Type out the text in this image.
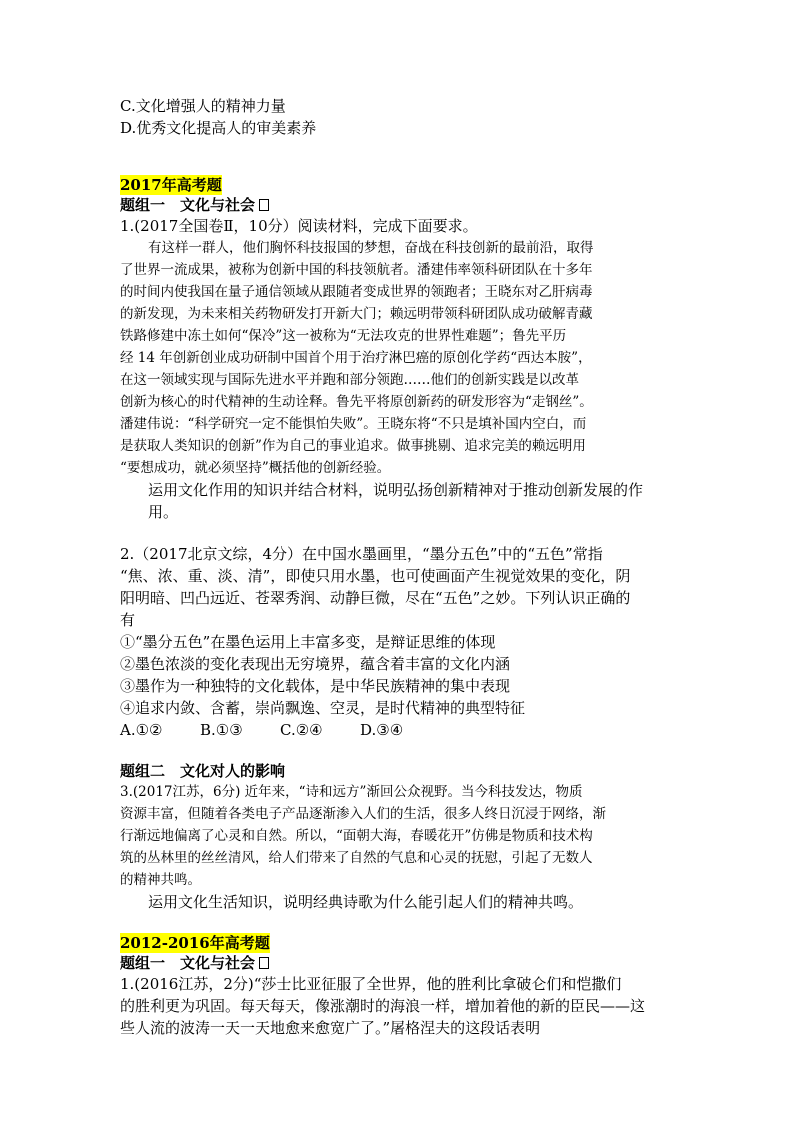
C.文化增强人的精神力量
D.优秀文化提高人的审美素养
2017年高考题
题组一　文化与社会
1.(2017全国卷Ⅱ，10分）阅读材料，完成下面要求。
有这样一群人，他们胸怀科技报国的梦想，奋战在科技创新的最前沿，取得
了世界一流成果，被称为创新中国的科技领航者。潘建伟率领科研团队在十多年
的时间内使我国在量子通信领域从跟随者变成世界的领跑者；王晓东对乙肝病毒
的新发现，为未来相关药物研发打开新大门；赖远明带领科研团队成功破解青藏
铁路修建中冻土如何“保冷”这一被称为“无法攻克的世界性难题”；鲁先平历
经 14 年创新创业成功研制中国首个用于治疗淋巴癌的原创化学药“西达本胺”，
在这一领域实现与国际先进水平并跑和部分领跑……他们的创新实践是以改革
创新为核心的时代精神的生动诠释。鲁先平将原创新药的研发形容为“走钢丝”。
潘建伟说：“科学研究一定不能惧怕失败”。王晓东将“不只是填补国内空白，而
是获取人类知识的创新”作为自己的事业追求。做事挑剔、追求完美的赖远明用
“要想成功，就必须坚持”概括他的创新经验。
运用文化作用的知识并结合材料，说明弘扬创新精神对于推动创新发展的作
用。
2.（2017北京文综，4分）在中国水墨画里，“墨分五色”中的“五色”常指
“焦、浓、重、淡、清”，即使只用水墨，也可使画面产生视觉效果的变化，阴
阳明暗、凹凸远近、苍翠秀润、动静巨微，尽在“五色”之妙。下列认识正确的
有
①“墨分五色”在墨色运用上丰富多变，是辩证思维的体现
②墨色浓淡的变化表现出无穷境界，蕴含着丰富的文化内涵
③墨作为一种独特的文化载体，是中华民族精神的集中表现
④追求内敛、含蓄，崇尚飘逸、空灵，是时代精神的典型特征
A.①②	B.①③ C.②④ D.③④
题组二　文化对人的影响
3.(2017江苏，6分) 近年来，“诗和远方”渐回公众视野。当今科技发达，物质
资源丰富，但随着各类电子产品逐渐渗入人们的生活，很多人终日沉浸于网络，渐
行渐远地偏离了心灵和自然。所以，“面朝大海，春暖花开”仿佛是物质和技术构
筑的丛林里的丝丝清风，给人们带来了自然的气息和心灵的抚慰，引起了无数人
的精神共鸣。
运用文化生活知识，说明经典诗歌为什么能引起人们的精神共鸣。
2012-2016年高考题
题组一　文化与社会
1.(2016江苏，2分)“莎士比亚征服了全世界，他的胜利比拿破仑们和恺撒们
的胜利更为巩固。每天每天，像涨潮时的海浪一样，增加着他的新的臣民——这
些人流的波涛一天一天地愈来愈宽广了。”屠格涅夫的这段话表明
